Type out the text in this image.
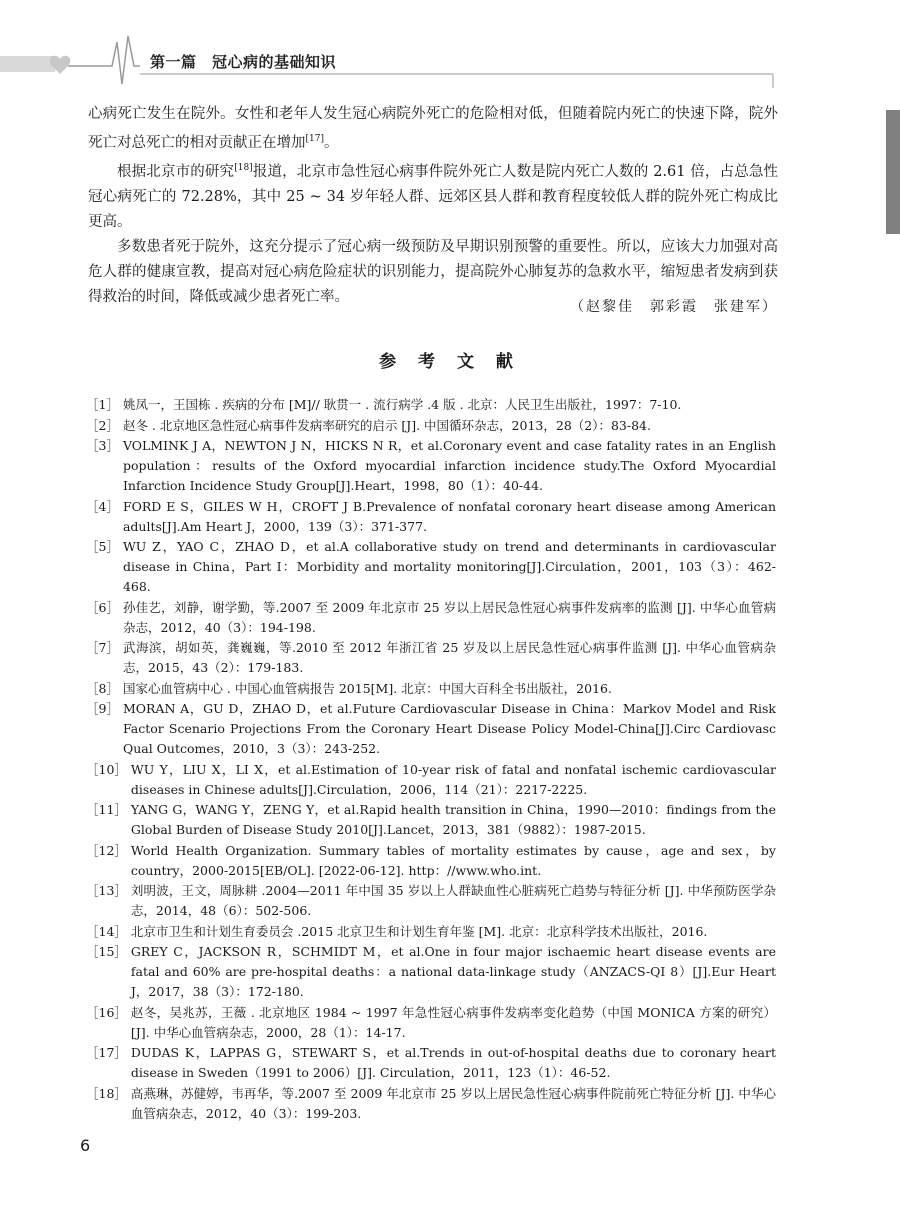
第一篇　冠心病的基础知识

心病死亡发生在院外。女性和老年人发生冠心病院外死亡的危险相对低，但随着院内死亡的快速下降，院外死亡对总死亡的相对贡献正在增加[17]。

根据北京市的研究[18]报道，北京市急性冠心病事件院外死亡人数是院内死亡人数的 2.61 倍，占总急性冠心病死亡的 72.28%，其中 25 ~ 34 岁年轻人群、远郊区县人群和教育程度较低人群的院外死亡构成比更高。

多数患者死于院外，这充分提示了冠心病一级预防及早期识别预警的重要性。所以，应该大力加强对高危人群的健康宣教，提高对冠心病危险症状的识别能力，提高院外心肺复苏的急救水平，缩短患者发病到获得救治的时间，降低或减少患者死亡率。

（赵黎佳　郭彩霞　张建军）
参 考 文 献
［1］ 姚凤一，王国栋 . 疾病的分布 [M]// 耿贯一 . 流行病学 .4 版 . 北京：人民卫生出版社，1997：7-10.
［2］ 赵冬 . 北京地区急性冠心病事件发病率研究的启示 [J]. 中国循环杂志，2013，28（2）：83-84.
［3］ VOLMINK J A，NEWTON J N，HICKS N R，et al.Coronary event and case fatality rates in an English population：results of the Oxford myocardial infarction incidence study.The Oxford Myocardial Infarction Incidence Study Group[J].Heart，1998，80（1）：40-44.
［4］ FORD E S，GILES W H，CROFT J B.Prevalence of nonfatal coronary heart disease among American adults[J].Am Heart J，2000，139（3）：371-377.
［5］ WU Z，YAO C，ZHAO D，et al.A collaborative study on trend and determinants in cardiovascular disease in China，Part Ⅰ：Morbidity and mortality monitoring[J].Circulation，2001，103（3）：462-468.
［6］ 孙佳艺，刘静，谢学勤，等.2007 至 2009 年北京市 25 岁以上居民急性冠心病事件发病率的监测 [J]. 中华心血管病杂志，2012，40（3）：194-198.
［7］ 武海滨，胡如英，龚巍巍，等.2010 至 2012 年浙江省 25 岁及以上居民急性冠心病事件监测 [J]. 中华心血管病杂志，2015，43（2）：179-183.
［8］ 国家心血管病中心 . 中国心血管病报告 2015[M]. 北京：中国大百科全书出版社，2016.
［9］ MORAN A，GU D，ZHAO D，et al.Future Cardiovascular Disease in China：Markov Model and Risk Factor Scenario Projections From the Coronary Heart Disease Policy Model-China[J].Circ Cardiovasc Qual Outcomes，2010，3（3）：243-252.
［10］ WU Y，LIU X，LI X，et al.Estimation of 10-year risk of fatal and nonfatal ischemic cardiovascular diseases in Chinese adults[J].Circulation，2006，114（21）：2217-2225.
［11］ YANG G，WANG Y，ZENG Y，et al.Rapid health transition in China，1990—2010：findings from the Global Burden of Disease Study 2010[J].Lancet，2013，381（9882）：1987-2015.
［12］ World Health Organization. Summary tables of mortality estimates by cause，age and sex，by country，2000-2015[EB/OL]. [2022-06-12]. http：//www.who.int.
［13］ 刘明波，王文，周脉耕 .2004—2011 年中国 35 岁以上人群缺血性心脏病死亡趋势与特征分析 [J]. 中华预防医学杂志，2014，48（6）：502-506.
［14］ 北京市卫生和计划生育委员会 .2015 北京卫生和计划生育年鉴 [M]. 北京：北京科学技术出版社，2016.
［15］ GREY C，JACKSON R，SCHMIDT M，et al.One in four major ischaemic heart disease events are fatal and 60% are pre-hospital deaths：a national data-linkage study（ANZACS-QI 8）[J].Eur Heart J，2017，38（3）：172-180.
［16］ 赵冬，吴兆苏，王薇 . 北京地区 1984 ~ 1997 年急性冠心病事件发病率变化趋势（中国 MONICA 方案的研究）[J]. 中华心血管病杂志，2000，28（1）：14-17.
［17］ DUDAS K，LAPPAS G，STEWART S，et al.Trends in out-of-hospital deaths due to coronary heart disease in Sweden（1991 to 2006）[J]. Circulation，2011，123（1）：46-52.
［18］ 高燕琳，苏健婷，韦再华，等.2007 至 2009 年北京市 25 岁以上居民急性冠心病事件院前死亡特征分析 [J]. 中华心血管病杂志，2012，40（3）：199-203.
6
